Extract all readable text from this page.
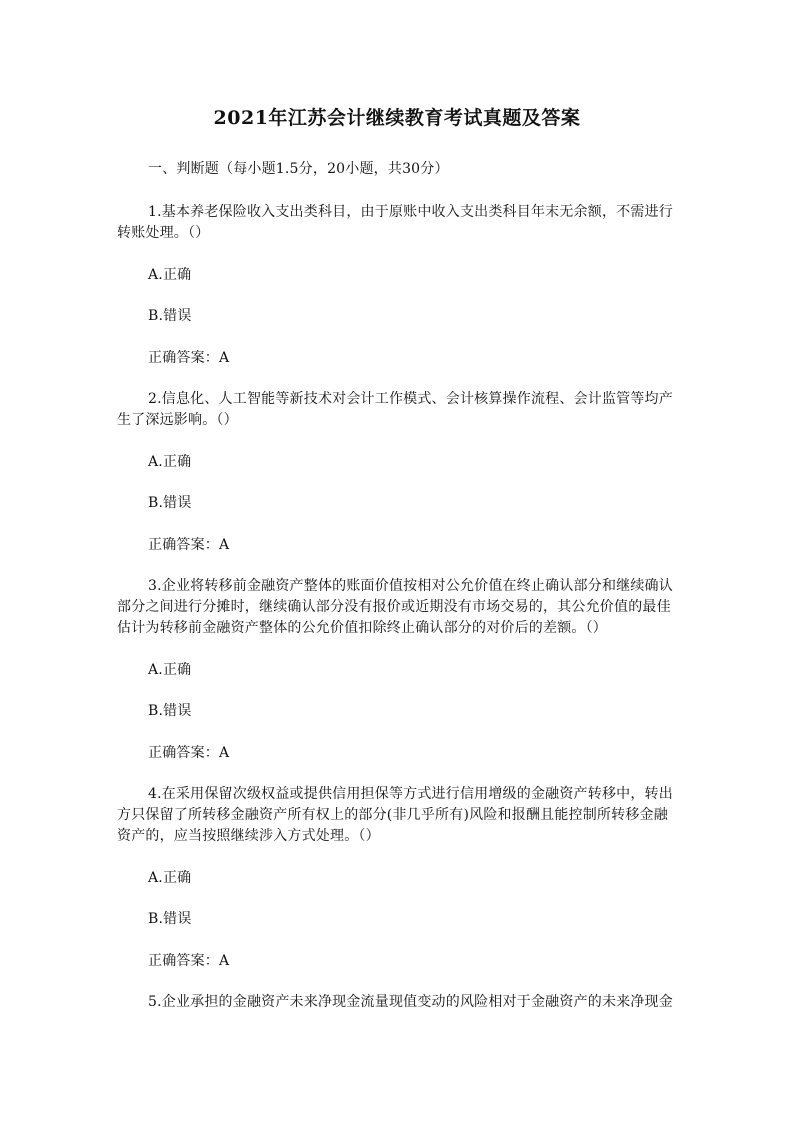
2021年江苏会计继续教育考试真题及答案
一、判断题（每小题1.5分，20小题，共30分）
1.基本养老保险收入支出类科目，由于原账中收入支出类科目年末无余额，不需进行
转账处理。（）
A.正确
B.错误
正确答案：A
2.信息化、人工智能等新技术对会计工作模式、会计核算操作流程、会计监管等均产
生了深远影响。（）
A.正确
B.错误
正确答案：A
3.企业将转移前金融资产整体的账面价值按相对公允价值在终止确认部分和继续确认
部分之间进行分摊时，继续确认部分没有报价或近期没有市场交易的，其公允价值的最佳
估计为转移前金融资产整体的公允价值扣除终止确认部分的对价后的差额。（）
A.正确
B.错误
正确答案：A
4.在采用保留次级权益或提供信用担保等方式进行信用增级的金融资产转移中，转出
方只保留了所转移金融资产所有权上的部分(非几乎所有)风险和报酬且能控制所转移金融
资产的，应当按照继续涉入方式处理。（）
A.正确
B.错误
正确答案：A
5.企业承担的金融资产未来净现金流量现值变动的风险相对于金融资产的未来净现金
